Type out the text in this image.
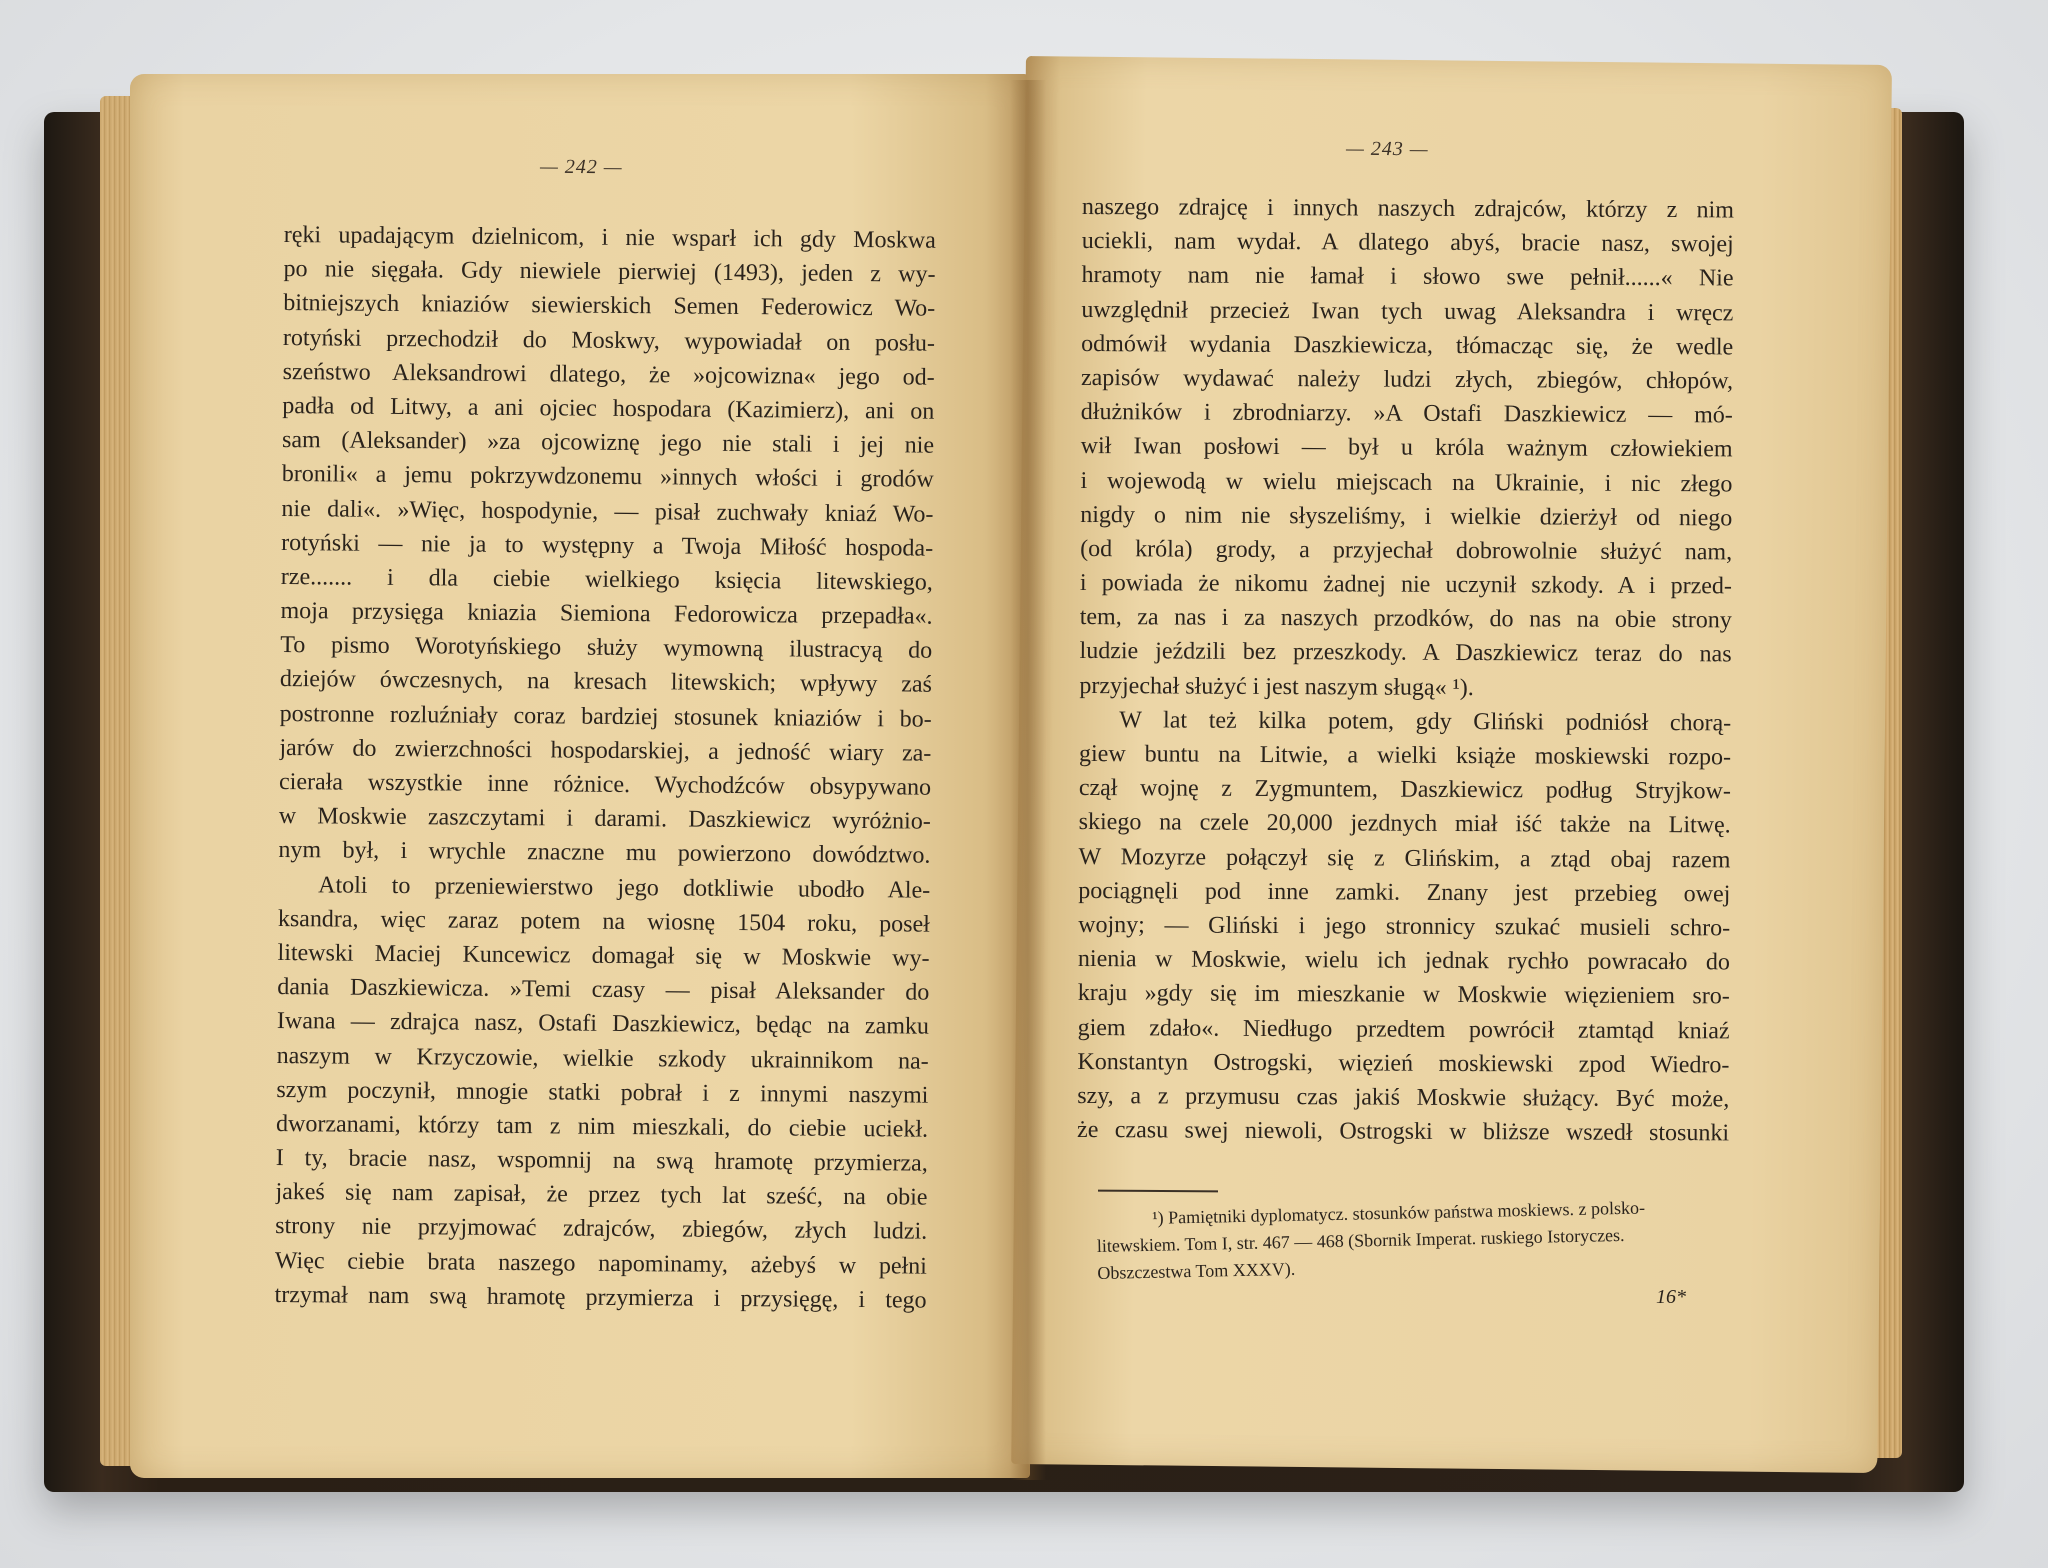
— 242 —
— 243 —
ręki upadającym dzielnicom, i nie wsparł ich gdy Moskwa
po nie sięgała. Gdy niewiele pierwiej (1493), jeden z wy-
bitniejszych kniaziów siewierskich Semen Federowicz Wo-
rotyński przechodził do Moskwy, wypowiadał on posłu-
szeństwo Aleksandrowi dlatego, że »ojcowizna« jego od-
padła od Litwy, a ani ojciec hospodara (Kazimierz), ani on
sam (Aleksander) »za ojcowiznę jego nie stali i jej nie
bronili« a jemu pokrzywdzonemu »innych włości i grodów
nie dali«. »Więc, hospodynie, — pisał zuchwały kniaź Wo-
rotyński — nie ja to występny a Twoja Miłość hospoda-
rze....... i dla ciebie wielkiego księcia litewskiego,
moja przysięga kniazia Siemiona Fedorowicza przepadła«.
To pismo Worotyńskiego służy wymowną ilustracyą do
dziejów ówczesnych, na kresach litewskich; wpływy zaś
postronne rozluźniały coraz bardziej stosunek kniaziów i bo-
jarów do zwierzchności hospodarskiej, a jedność wiary za-
cierała wszystkie inne różnice. Wychodźców obsypywano
w Moskwie zaszczytami i darami. Daszkiewicz wyróżnio-
nym był, i wrychle znaczne mu powierzono dowództwo.
Atoli to przeniewierstwo jego dotkliwie ubodło Ale-
ksandra, więc zaraz potem na wiosnę 1504 roku, poseł
litewski Maciej Kuncewicz domagał się w Moskwie wy-
dania Daszkiewicza. »Temi czasy — pisał Aleksander do
Iwana — zdrajca nasz, Ostafi Daszkiewicz, będąc na zamku
naszym w Krzyczowie, wielkie szkody ukrainnikom na-
szym poczynił, mnogie statki pobrał i z innymi naszymi
dworzanami, którzy tam z nim mieszkali, do ciebie uciekł.
I ty, bracie nasz, wspomnij na swą hramotę przymierza,
jakeś się nam zapisał, że przez tych lat sześć, na obie
strony nie przyjmować zdrajców, zbiegów, złych ludzi.
Więc ciebie brata naszego napominamy, ażebyś w pełni
trzymał nam swą hramotę przymierza i przysięgę, i tego
naszego zdrajcę i innych naszych zdrajców, którzy z nim
uciekli, nam wydał. A dlatego abyś, bracie nasz, swojej
hramoty nam nie łamał i słowo swe pełnił......« Nie
uwzględnił przecież Iwan tych uwag Aleksandra i wręcz
odmówił wydania Daszkiewicza, tłómacząc się, że wedle
zapisów wydawać należy ludzi złych, zbiegów, chłopów,
dłużników i zbrodniarzy. »A Ostafi Daszkiewicz — mó-
wił Iwan posłowi — był u króla ważnym człowiekiem
i wojewodą w wielu miejscach na Ukrainie, i nic złego
nigdy o nim nie słyszeliśmy, i wielkie dzierżył od niego
(od króla) grody, a przyjechał dobrowolnie służyć nam,
i powiada że nikomu żadnej nie uczynił szkody. A i przed-
tem, za nas i za naszych przodków, do nas na obie strony
ludzie jeździli bez przeszkody. A Daszkiewicz teraz do nas
przyjechał służyć i jest naszym sługą« ¹).
W lat też kilka potem, gdy Gliński podniósł chorą-
giew buntu na Litwie, a wielki książe moskiewski rozpo-
czął wojnę z Zygmuntem, Daszkiewicz podług Stryjkow-
skiego na czele 20,000 jezdnych miał iść także na Litwę.
W Mozyrze połączył się z Glińskim, a ztąd obaj razem
pociągnęli pod inne zamki. Znany jest przebieg owej
wojny; — Gliński i jego stronnicy szukać musieli schro-
nienia w Moskwie, wielu ich jednak rychło powracało do
kraju »gdy się im mieszkanie w Moskwie więzieniem sro-
giem zdało«. Niedługo przedtem powrócił ztamtąd kniaź
Konstantyn Ostrogski, więzień moskiewski zpod Wiedro-
szy, a z przymusu czas jakiś Moskwie służący. Być może,
że czasu swej niewoli, Ostrogski w bliższe wszedł stosunki
¹) Pamiętniki dyplomatycz. stosunków państwa moskiews. z polsko-
litewskiem. Tom I, str. 467 — 468 (Sbornik Imperat. ruskiego Istoryczes.
Obszczestwa Tom XXXV).
16*
